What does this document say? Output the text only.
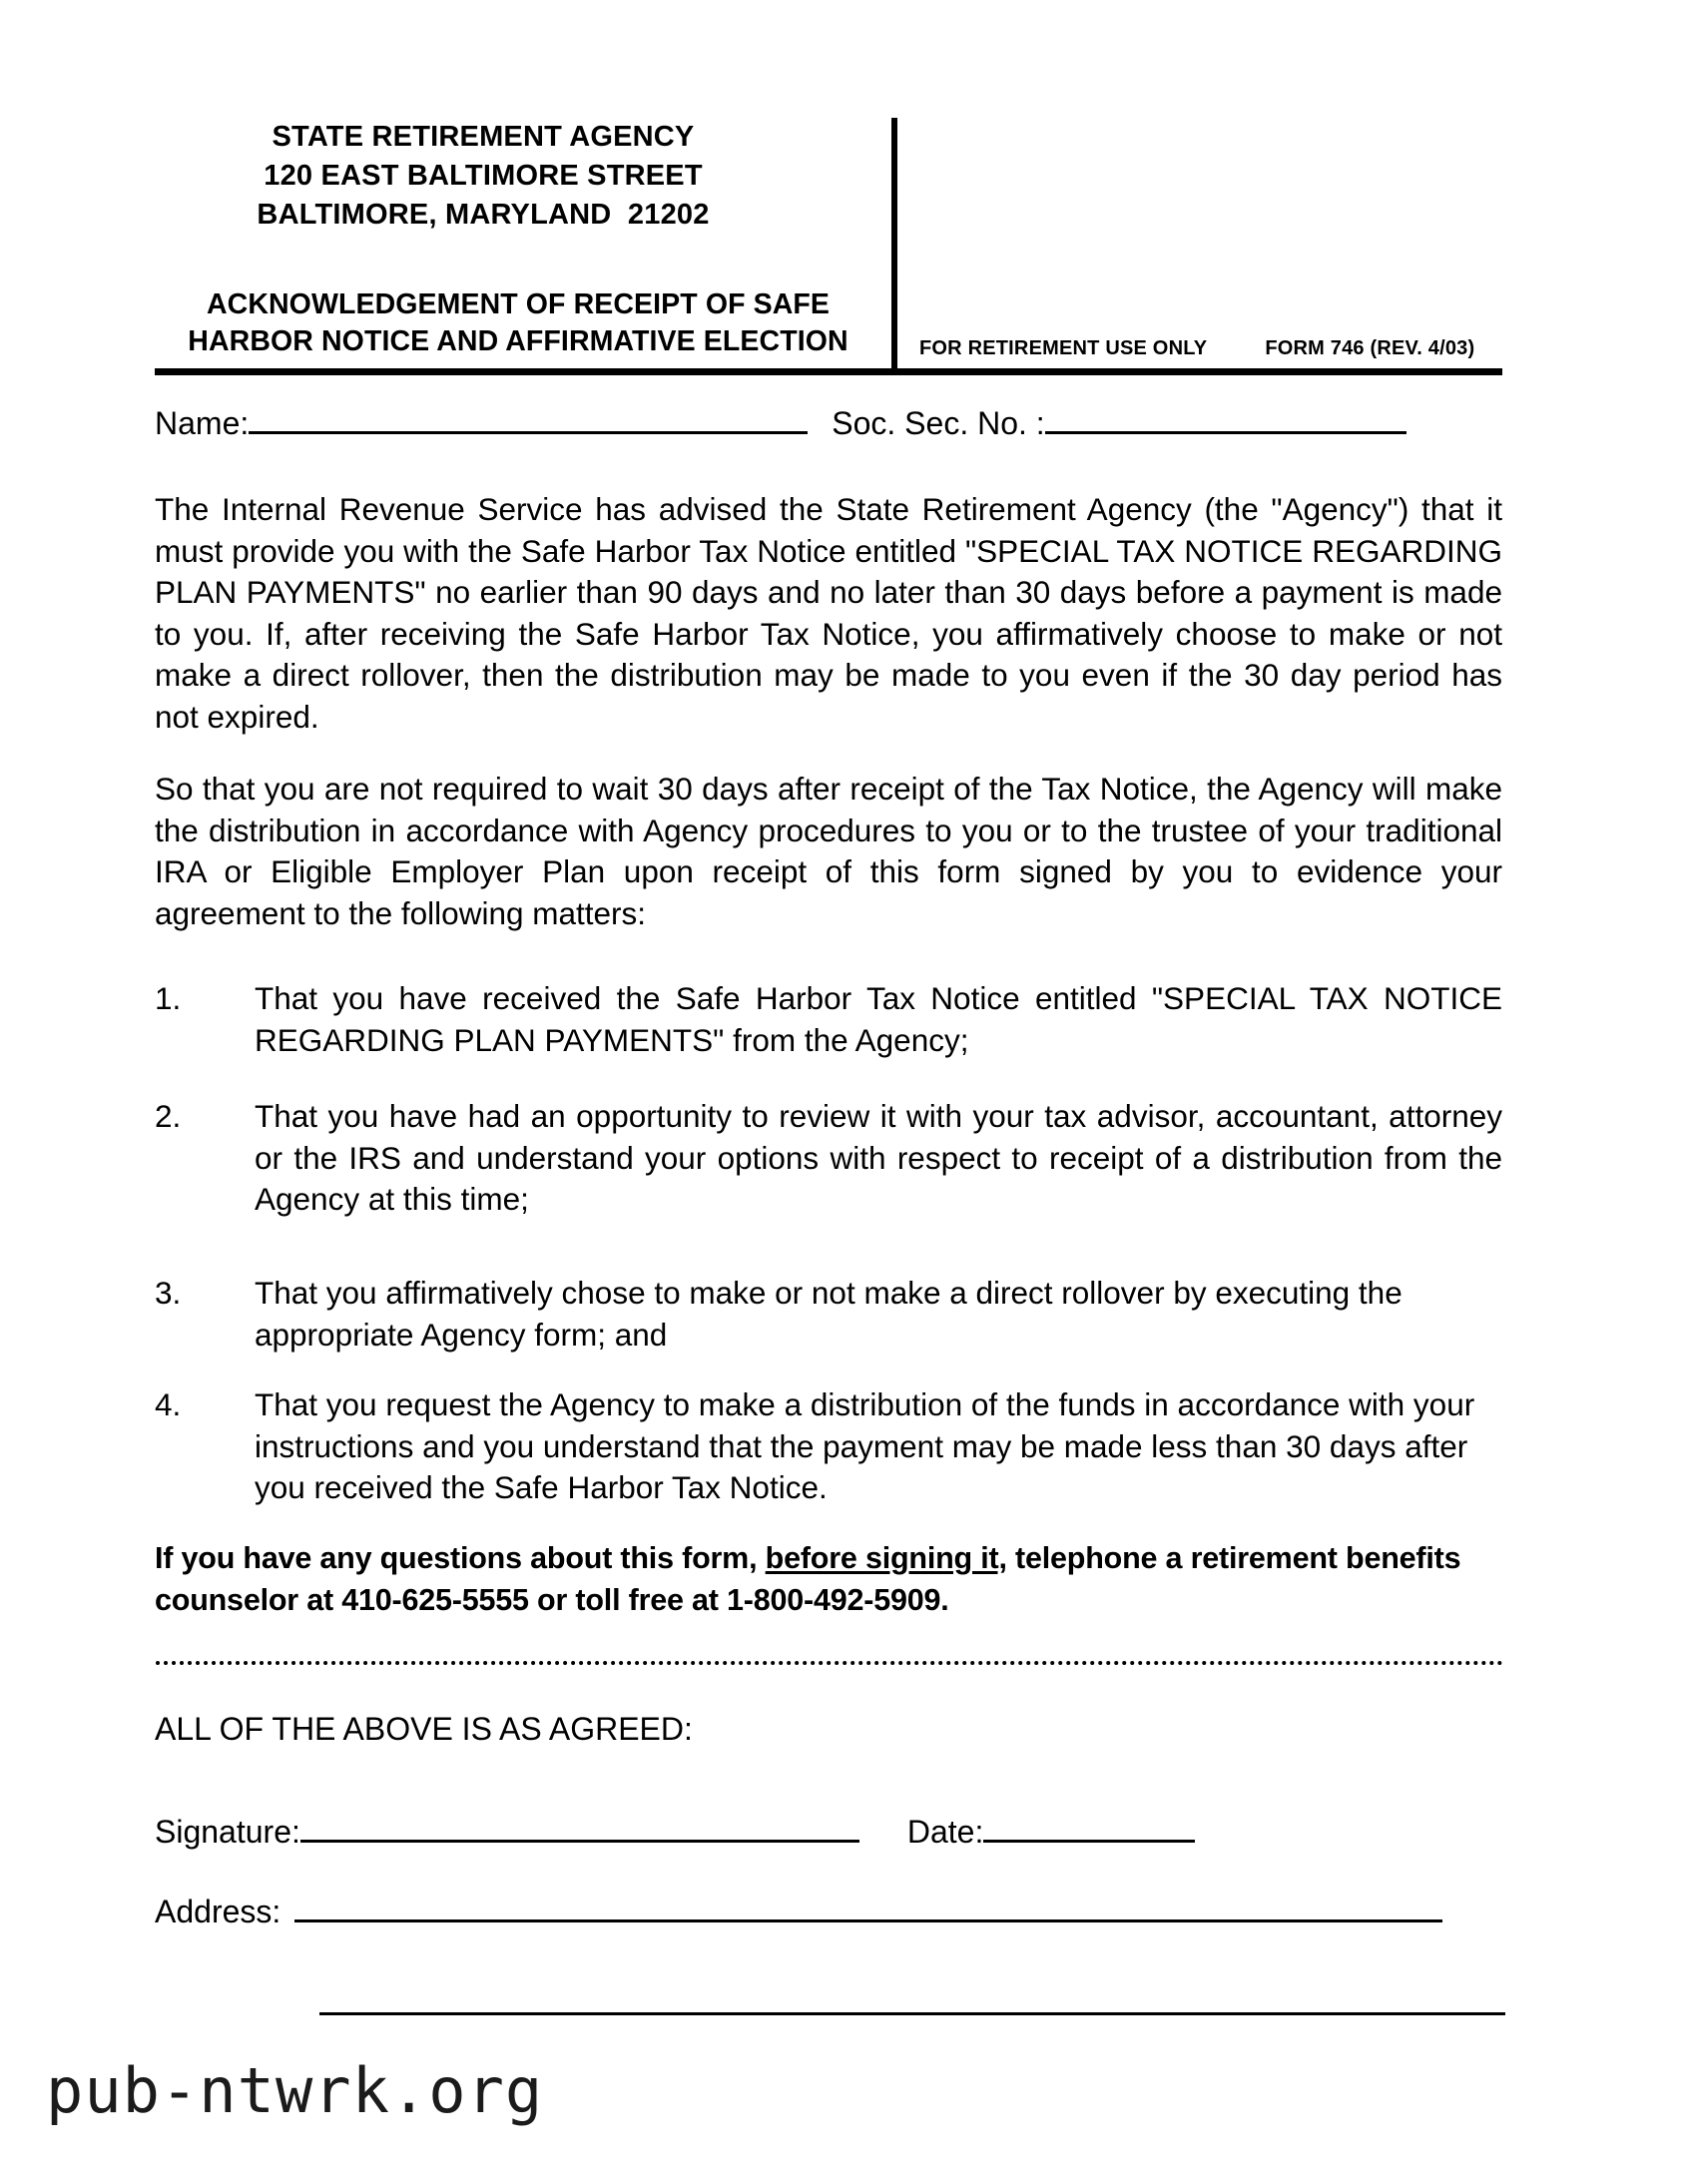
STATE RETIREMENT AGENCY
120 EAST BALTIMORE STREET
BALTIMORE, MARYLAND  21202
ACKNOWLEDGEMENT OF RECEIPT OF SAFE
HARBOR NOTICE AND AFFIRMATIVE ELECTION	FOR RETIREMENT USE ONLY	FORM 746 (REV. 4/03)
Name:	Soc. Sec. No. :
The Internal Revenue Service has advised the State Retirement Agency (the "Agency") that it must provide you with the Safe Harbor Tax Notice entitled "SPECIAL TAX NOTICE REGARDING PLAN PAYMENTS" no earlier than 90 days and no later than 30 days before a payment is made to you. If, after receiving the Safe Harbor Tax Notice, you affirmatively choose to make or not make a direct rollover, then the distribution may be made to you even if the 30 day period has not expired.
So that you are not required to wait 30 days after receipt of the Tax Notice, the Agency will make the distribution in accordance with Agency procedures to you or to the trustee of your traditional IRA or Eligible Employer Plan upon receipt of this form signed by you to evidence your agreement to the following matters:
1.	That you have received the Safe Harbor Tax Notice entitled "SPECIAL TAX NOTICE REGARDING PLAN PAYMENTS" from the Agency;
2.	That you have had an opportunity to review it with your tax advisor, accountant, attorney or the IRS and understand your options with respect to receipt of a distribution from the Agency at this time;
3.	That you affirmatively chose to make or not make a direct rollover by executing the appropriate Agency form; and
4.	That you request the Agency to make a distribution of the funds in accordance with your instructions and you understand that the payment may be made less than 30 days after you received the Safe Harbor Tax Notice.
If you have any questions about this form, before signing it, telephone a retirement benefits counselor at 410-625-5555 or toll free at 1-800-492-5909.
ALL OF THE ABOVE IS AS AGREED:
Signature:	Date:
Address:
pub-ntwrk.org
